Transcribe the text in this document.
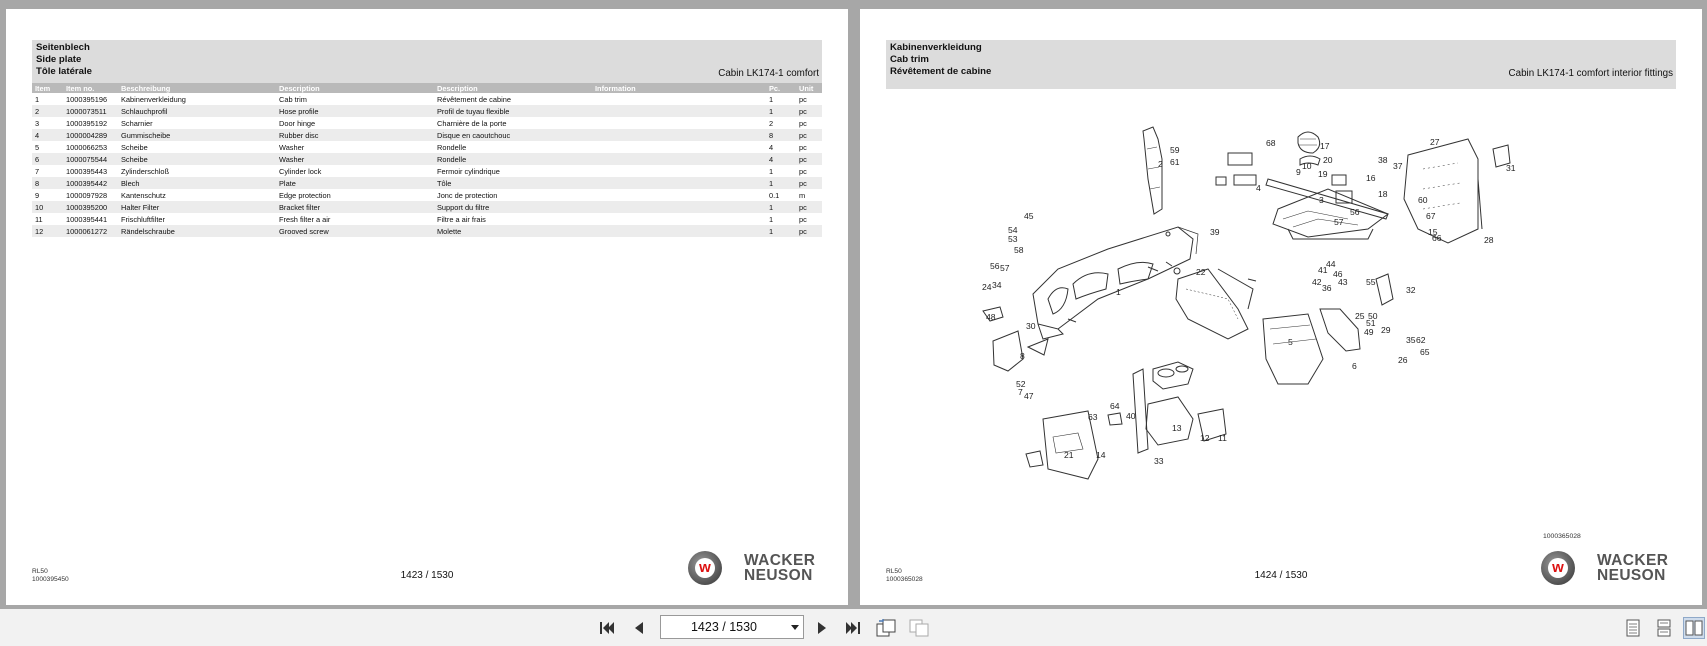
Seitenblech
Side plate
Tôle latérale	Cabin LK174-1 comfort
Item	Item no.	Beschreibung	Description	Description	Information	Pc.	Unit
1	1000395196	Kabinenverkleidung	Cab trim	Révêtement de cabine		1	pc
2	1000073511	Schlauchprofil	Hose profile	Profil de tuyau flexible		1	pc
3	1000395192	Scharnier	Door hinge	Charnière de la porte		2	pc
4	1000004289	Gummischeibe	Rubber disc	Disque en caoutchouc		8	pc
5	1000066253	Scheibe	Washer	Rondelle		4	pc
6	1000075544	Scheibe	Washer	Rondelle		4	pc
7	1000395443	Zylinderschloß	Cylinder lock	Fermoir cylindrique		1	pc
8	1000395442	Blech	Plate	Tôle		1	pc
9	1000097928	Kantenschutz	Edge protection	Jonc de protection		0.1	m
10	1000395200	Halter Filter	Bracket filter	Support du filtre		1	pc
11	1000395441	Frischluftfilter	Fresh filter a air	Filtre a air frais		1	pc
12	1000061272	Rändelschraube	Grooved screw	Molette		1	pc
RL50
1000395450	1423 / 1530	w WACKER
NEUSON
Kabinenverkleidung
Cab trim
Révêtement de cabine	Cabin LK174-1 comfort interior fittings
59
61
2
39
22
1
45
54
53
57
58
56
24 34
48
30
8
52
7 47
68	17
20	38
37
9
10
4
19	16
18
3
56
57
41
44
42
36
43
46
55
32
25 50
51
49 29
5
6
26
35 62
65
13
64
40
63
21	14
33
12 11
27
31
60
67
15
66	28
1000365028
RL50
1000365028	1424 / 1530	w WACKER
NEUSON
1423 / 1530
